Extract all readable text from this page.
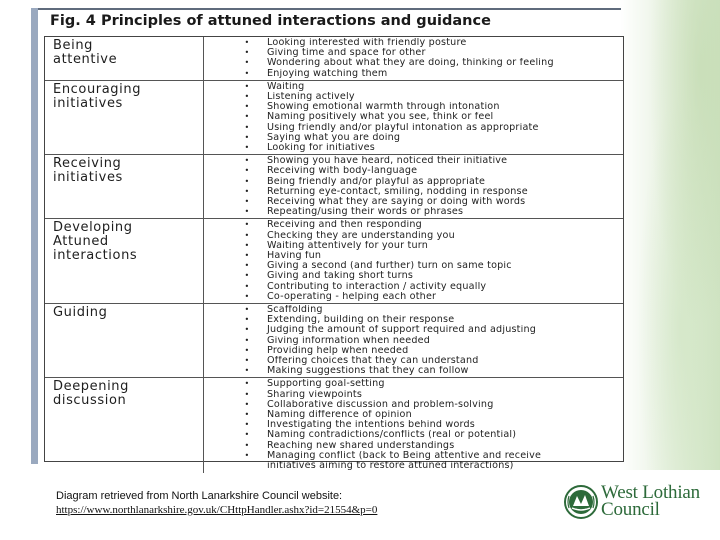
Fig. 4 Principles of attuned interactions and guidance
Being
attentive
• Looking interested with friendly posture
• Giving time and space for other
• Wondering about what they are doing, thinking or feeling
• Enjoying watching them
Encouraging
initiatives
• Waiting
• Listening actively
• Showing emotional warmth through intonation
• Naming positively what you see, think or feel
• Using friendly and/or playful intonation as appropriate
• Saying what you are doing
• Looking for initiatives
Receiving
initiatives
• Showing you have heard, noticed their initiative
• Receiving with body-language
• Being friendly and/or playful as appropriate
• Returning eye-contact, smiling, nodding in response
• Receiving what they are saying or doing with words
• Repeating/using their words or phrases
Developing
Attuned
interactions
• Receiving and then responding
• Checking they are understanding you
• Waiting attentively for your turn
• Having fun
• Giving a second (and further) turn on same topic
• Giving and taking short turns
• Contributing to interaction / activity equally
• Co-operating - helping each other
Guiding	• Scaffolding
• Extending, building on their response
• Judging the amount of support required and adjusting
• Giving information when needed
• Providing help when needed
• Offering choices that they can understand
• Making suggestions that they can follow
Deepening
discussion
• Supporting goal-setting
• Sharing viewpoints
• Collaborative discussion and problem-solving
• Naming difference of opinion
• Investigating the intentions behind words
• Naming contradictions/conflicts (real or potential)
• Reaching new shared understandings
• Managing conflict (back to Being attentive and receive
initiatives aiming to restore attuned interactions)
Diagram retrieved from North Lanarkshire Council website:
https://www.northlanarkshire.gov.uk/CHttpHandler.ashx?id=21554&p=0
West Lothian
Council
